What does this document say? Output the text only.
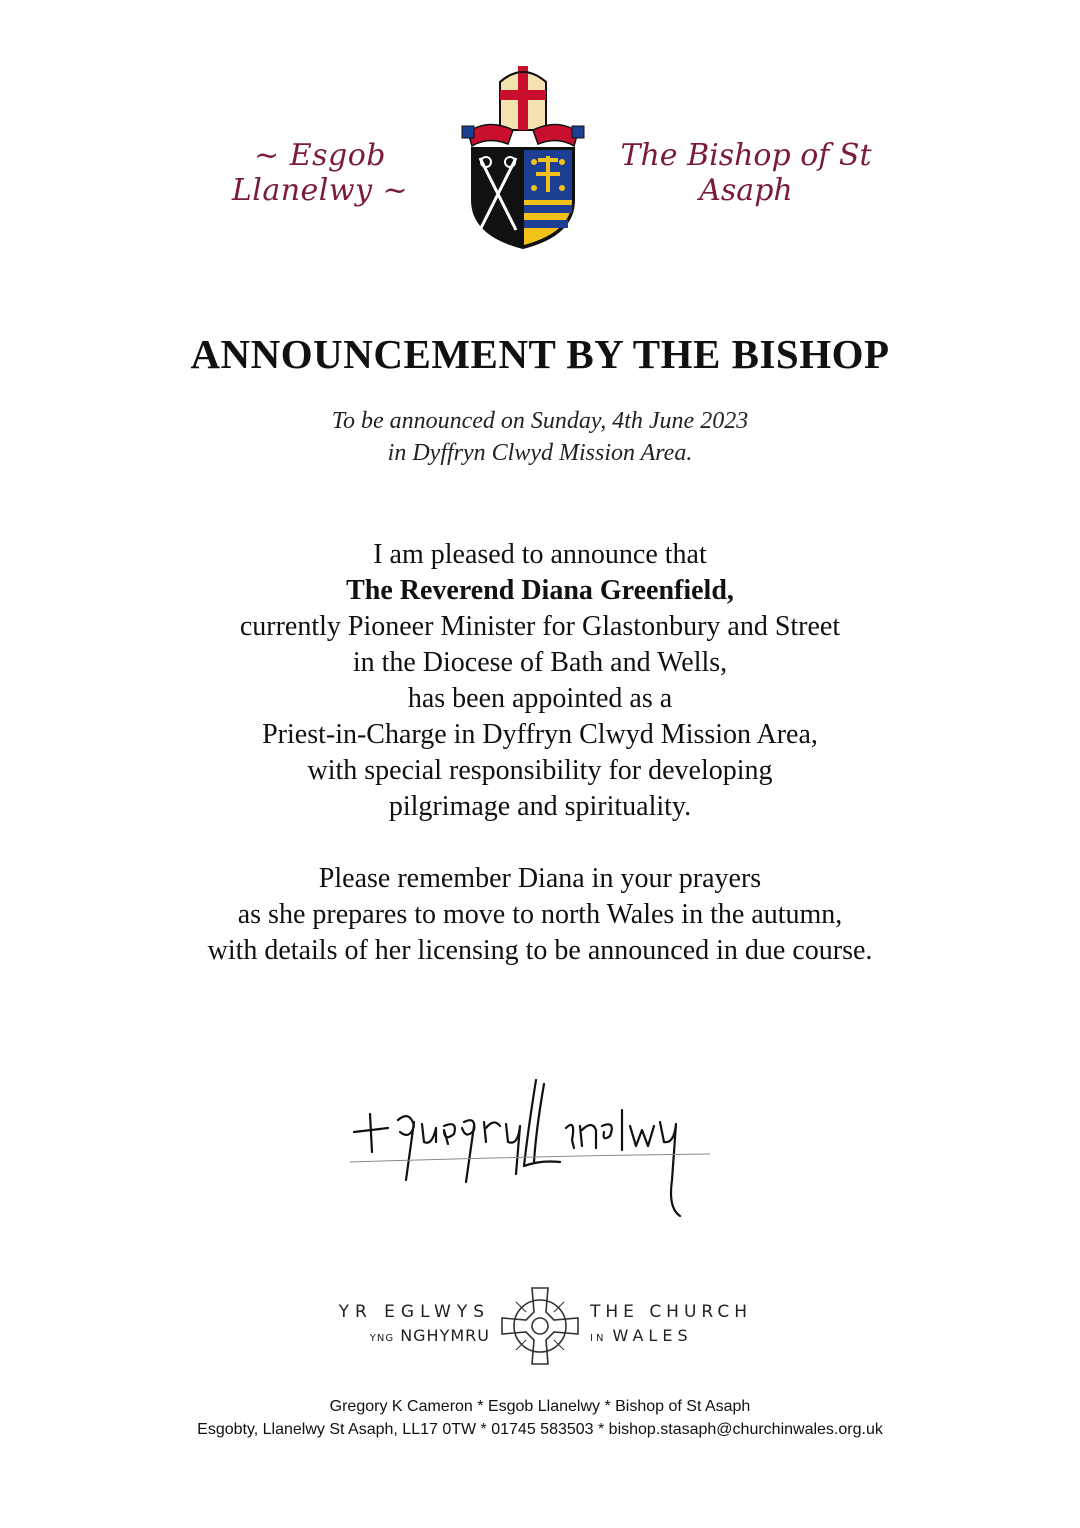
~ Esgob Llanelwy ~
The Bishop of St Asaph
ANNOUNCEMENT BY THE BISHOP
To be announced on Sunday, 4th June 2023
in Dyffryn Clwyd Mission Area.
I am pleased to announce that
The Reverend Diana Greenfield,
currently Pioneer Minister for Glastonbury and Street
in the Diocese of Bath and Wells,
has been appointed as a
Priest-in-Charge in Dyffryn Clwyd Mission Area,
with special responsibility for developing
pilgrimage and spirituality.
Please remember Diana in your prayers
as she prepares to move to north Wales in the autumn,
with details of her licensing to be announced in due course.
YR EGLWYS
YNG NGHYMRU
THE CHURCH
IN WALES
Gregory K Cameron * Esgob Llanelwy * Bishop of St Asaph
Esgobty, Llanelwy St Asaph, LL17 0TW * 01745 583503 * bishop.stasaph@churchinwales.org.uk
